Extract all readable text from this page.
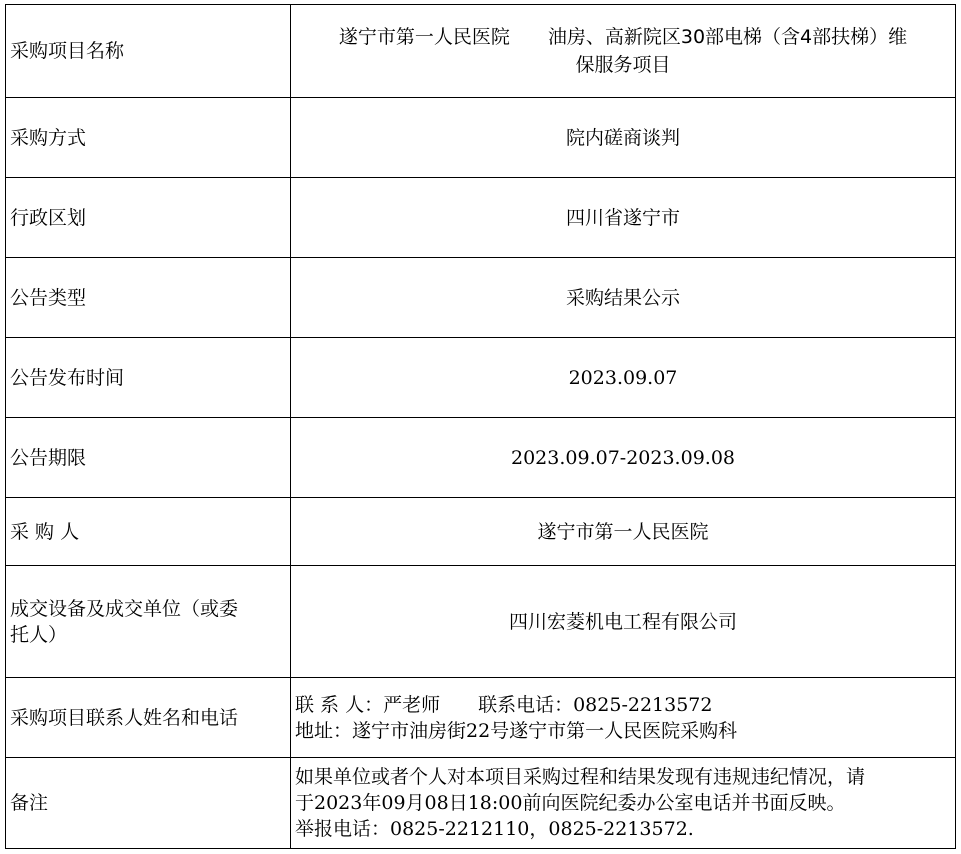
采购项目名称	遂宁市第一人民医院 油房、高新院区30部电梯（含4部扶梯）维
保服务项目

采购方式	院内磋商谈判
行政区划	四川省遂宁市
公告类型	采购结果公示
公告发布时间	2023.09.07
公告期限	2023.09.07-2023.09.08
采 购 人	遂宁市第一人民医院

成交设备及成交单位（或委
托人）	四川宏菱机电工程有限公司
采购项目联系人姓名和电话	联 系 人：严老师 联系电话：0825-2213572
地址：遂宁市油房街22号遂宁市第一人民医院采购科

备注	如果单位或者个人对本项目采购过程和结果发现有违规违纪情况，请
于2023年09月08日18:00前向医院纪委办公室电话并书面反映。
举报电话：0825-2212110，0825-2213572.
